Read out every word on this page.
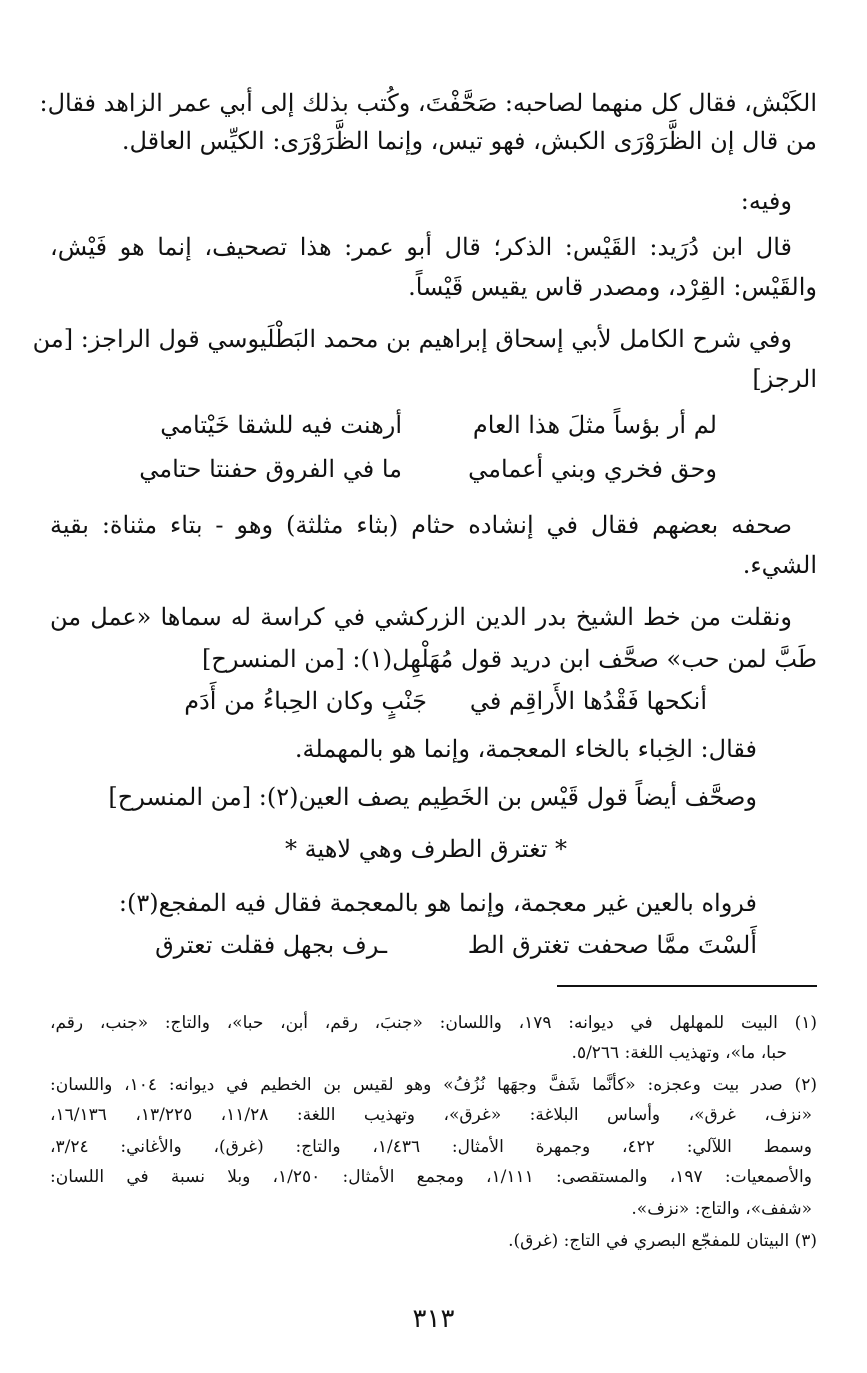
الكَبْش، فقال كل منهما لصاحبه: صَحَّفْتَ، وكُتب بذلك إلى أبي عمر الزاهد فقال:
من قال إن الظَّرَوْرَى الكبش، فهو تيس، وإنما الظَّرَوْرَى: الكيِّس العاقل.
وفيه:
قال ابن دُرَيد: القَيْس: الذكر؛ قال أبو عمر: هذا تصحيف، إنما هو فَيْش،
والقَيْس: القِرْد، ومصدر قاس يقيس قَيْساً.
وفي شرح الكامل لأبي إسحاق إبراهيم بن محمد البَطْلَيوسي قول الراجز: [من
الرجز]
لم أر بؤساً مثلَ هذا العام
أرهنت فيه للشقا خَيْتامي
وحق فخري وبني أعمامي
ما في الفروق حفنتا حتامي
صحفه بعضهم فقال في إنشاده حثام (بثاء مثلثة) وهو - بتاء مثناة: بقية
الشيء.
ونقلت من خط الشيخ بدر الدين الزركشي في كراسة له سماها «عمل من
طَبَّ لمن حب» صحَّف ابن دريد قول مُهَلْهِل(١): [من المنسرح]
أنكحها فَقْدُها الأَراقِم في
جَنْبٍ وكان الحِباءُ من أَدَم
فقال: الخِباء بالخاء المعجمة، وإنما هو بالمهملة.
وصحَّف أيضاً قول قَيْس بن الخَطِيم يصف العين(٢): [من المنسرح]
* تغترق الطرف وهي لاهية *
فرواه بالعين غير معجمة، وإنما هو بالمعجمة فقال فيه المفجع(٣):
أَلسْتَ ممَّا صحفت تغترق الط
ـرف بجهل فقلت تعترق
(١) البيت للمهلهل في ديوانه: ١٧٩، واللسان: «جنبَ، رقم، أبن، حبا»، والتاج: «جنب، رقم،
حبا، ما»، وتهذيب اللغة: ٥/٢٦٦.
(٢) صدر بيت وعجزه: «كأنَّما شَفَّ وجهَها نُزُفُ» وهو لقيس بن الخطيم في ديوانه: ١٠٤، واللسان:
«نزف، غرق»، وأساس البلاغة: «غرق»، وتهذيب اللغة: ١١/٢٨، ١٣/٢٢٥، ١٦/١٣٦،
وسمط اللآلي: ٤٢٢، وجمهرة الأمثال: ١/٤٣٦، والتاج: (غرق)، والأغاني: ٣/٢٤،
والأصمعيات: ١٩٧، والمستقصى: ١/١١١، ومجمع الأمثال: ١/٢٥٠، وبلا نسبة في اللسان:
«شفف»، والتاج: «نزف».
(٣) البيتان للمفجّع البصري في التاج: (غرق).
٣١٣
